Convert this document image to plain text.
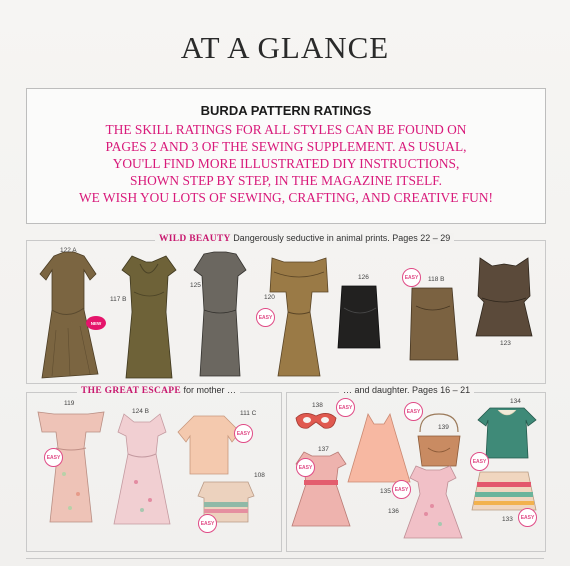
AT A GLANCE
BURDA PATTERN RATINGS
THE SKILL RATINGS FOR ALL STYLES CAN BE FOUND ON
PAGES 2 AND 3 OF THE SEWING SUPPLEMENT. AS USUAL,
YOU'LL FIND MORE ILLUSTRATED DIY INSTRUCTIONS,
SHOWN STEP BY STEP, IN THE MAGAZINE ITSELF.
WE WISH YOU LOTS OF SEWING, CRAFTING, AND CREATIVE FUN!
WILD BEAUTY Dangerously seductive in animal prints. Pages 22 – 29
THE GREAT ESCAPE for mother …	… and daughter. Pages 16 – 21
122 A
NEW
117 B
125
120
EASY
126	118 B
EASY
123
119
EASY
124 B	111 C
EASY
108
EASY
138	EASY
137
EASY
135 EASY
139
EASY
136
134
EASY
133	EASY
